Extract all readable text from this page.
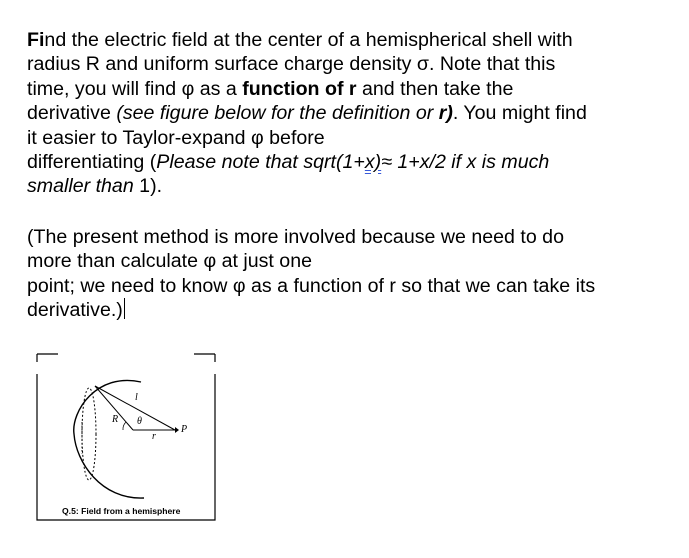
Find the electric field at the center of a hemispherical shell with
radius R and uniform surface charge density σ. Note that this
time, you will find φ as a function of r and then take the
derivative (see figure below for the definition or r). You might find
it easier to Taylor-expand φ before
differentiating (Please note that sqrt(1+x)≈ 1+x/2 if x is much
smaller than 1).
(The present method is more involved because we need to do
more than calculate φ at just one
point; we need to know φ as a function of r so that we can take its
derivative.)
l
R θ
r
P
Q.5: Field from a hemisphere
